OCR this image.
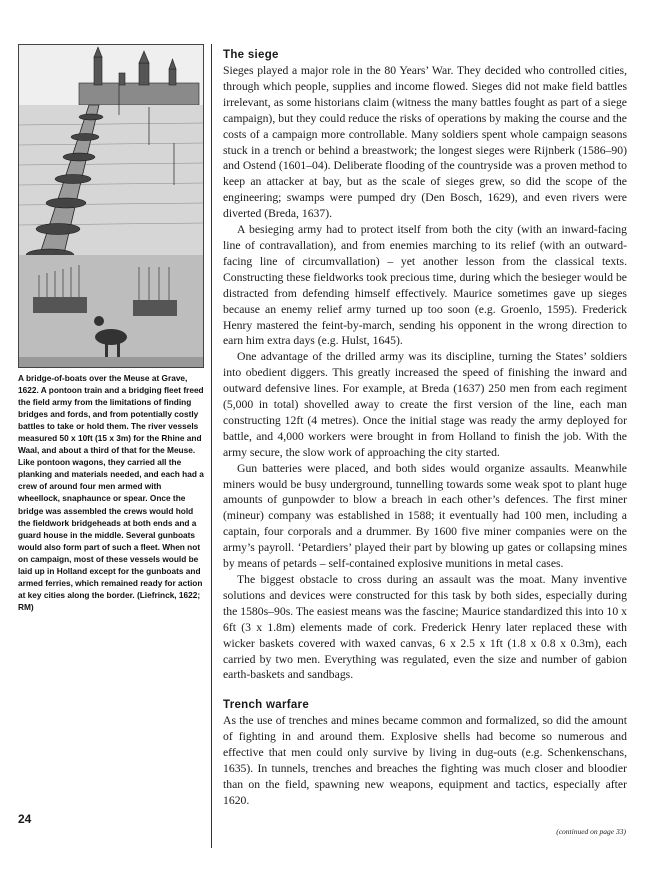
A bridge-of-boats over the Meuse at Grave, 1622. A pontoon train and a bridging fleet freed the field army from the limitations of finding bridges and fords, and from potentially costly battles to take or hold them. The river vessels measured 50 x 10ft (15 x 3m) for the Rhine and Waal, and about a third of that for the Meuse. Like pontoon wagons, they carried all the planking and materials needed, and each had a crew of around four men armed with wheellock, snaphaunce or spear. Once the bridge was assembled the crews would hold the fieldwork bridgeheads at both ends and a guard house in the middle. Several gunboats would also form part of such a fleet. When not on campaign, most of these vessels would be laid up in Holland except for the gunboats and armed ferries, which remained ready for action at key cities along the border. (Liefrinck, 1622; RM)
The siege

Sieges played a major role in the 80 Years’ War. They decided who controlled cities, through which people, supplies and income flowed. Sieges did not make field battles irrelevant, as some historians claim (witness the many battles fought as part of a siege campaign), but they could reduce the risks of operations by making the course and the costs of a campaign more controllable. Many soldiers spent whole campaign seasons stuck in a trench or behind a breastwork; the longest sieges were Rijnberk (1586–90) and Ostend (1601–04). Deliberate flooding of the countryside was a proven method to keep an attacker at bay, but as the scale of sieges grew, so did the scope of the engineering; swamps were pumped dry (Den Bosch, 1629), and even rivers were diverted (Breda, 1637).

A besieging army had to protect itself from both the city (with an inward-facing line of contravallation), and from enemies marching to its relief (with an outward-facing line of circumvallation) – yet another lesson from the classical texts. Constructing these fieldworks took precious time, during which the besieger would be distracted from defending himself effectively. Maurice sometimes gave up sieges because an enemy relief army turned up too soon (e.g. Groenlo, 1595). Frederick Henry mastered the feint-by-march, sending his opponent in the wrong direction to earn him extra days (e.g. Hulst, 1645).

One advantage of the drilled army was its discipline, turning the States’ soldiers into obedient diggers. This greatly increased the speed of finishing the inward and outward defensive lines. For example, at Breda (1637) 250 men from each regiment (5,000 in total) shovelled away to create the first version of the line, each man constructing 12ft (4 metres). Once the initial stage was ready the army deployed for battle, and 4,000 workers were brought in from Holland to finish the job. With the army secure, the slow work of approaching the city started.

Gun batteries were placed, and both sides would organize assaults. Meanwhile miners would be busy underground, tunnelling towards some weak spot to plant huge amounts of gunpowder to blow a breach in each other’s defences. The first miner (mineur) company was established in 1588; it eventually had 100 men, including a captain, four corporals and a drummer. By 1600 five miner companies were on the army’s payroll. ‘Petardiers’ played their part by blowing up gates or collapsing mines by means of petards – self-contained explosive munitions in metal cases.

The biggest obstacle to cross during an assault was the moat. Many inventive solutions and devices were constructed for this task by both sides, especially during the 1580s–90s. The easiest means was the fascine; Maurice standardized this into 10 x 6ft (3 x 1.8m) elements made of cork. Frederick Henry later replaced these with wicker baskets covered with waxed canvas, 6 x 2.5 x 1ft (1.8 x 0.8 x 0.3m), each carried by two men. Everything was regulated, even the size and number of gabion earth-baskets and sandbags.

Trench warfare

As the use of trenches and mines became common and formalized, so did the amount of fighting in and around them. Explosive shells had become so numerous and effective that men could only survive by living in dug-outs (e.g. Schenkenschans, 1635). In tunnels, trenches and breaches the fighting was much closer and bloodier than on the field, spawning new weapons, equipment and tactics, especially after 1620.

(continued on page 33)
24
